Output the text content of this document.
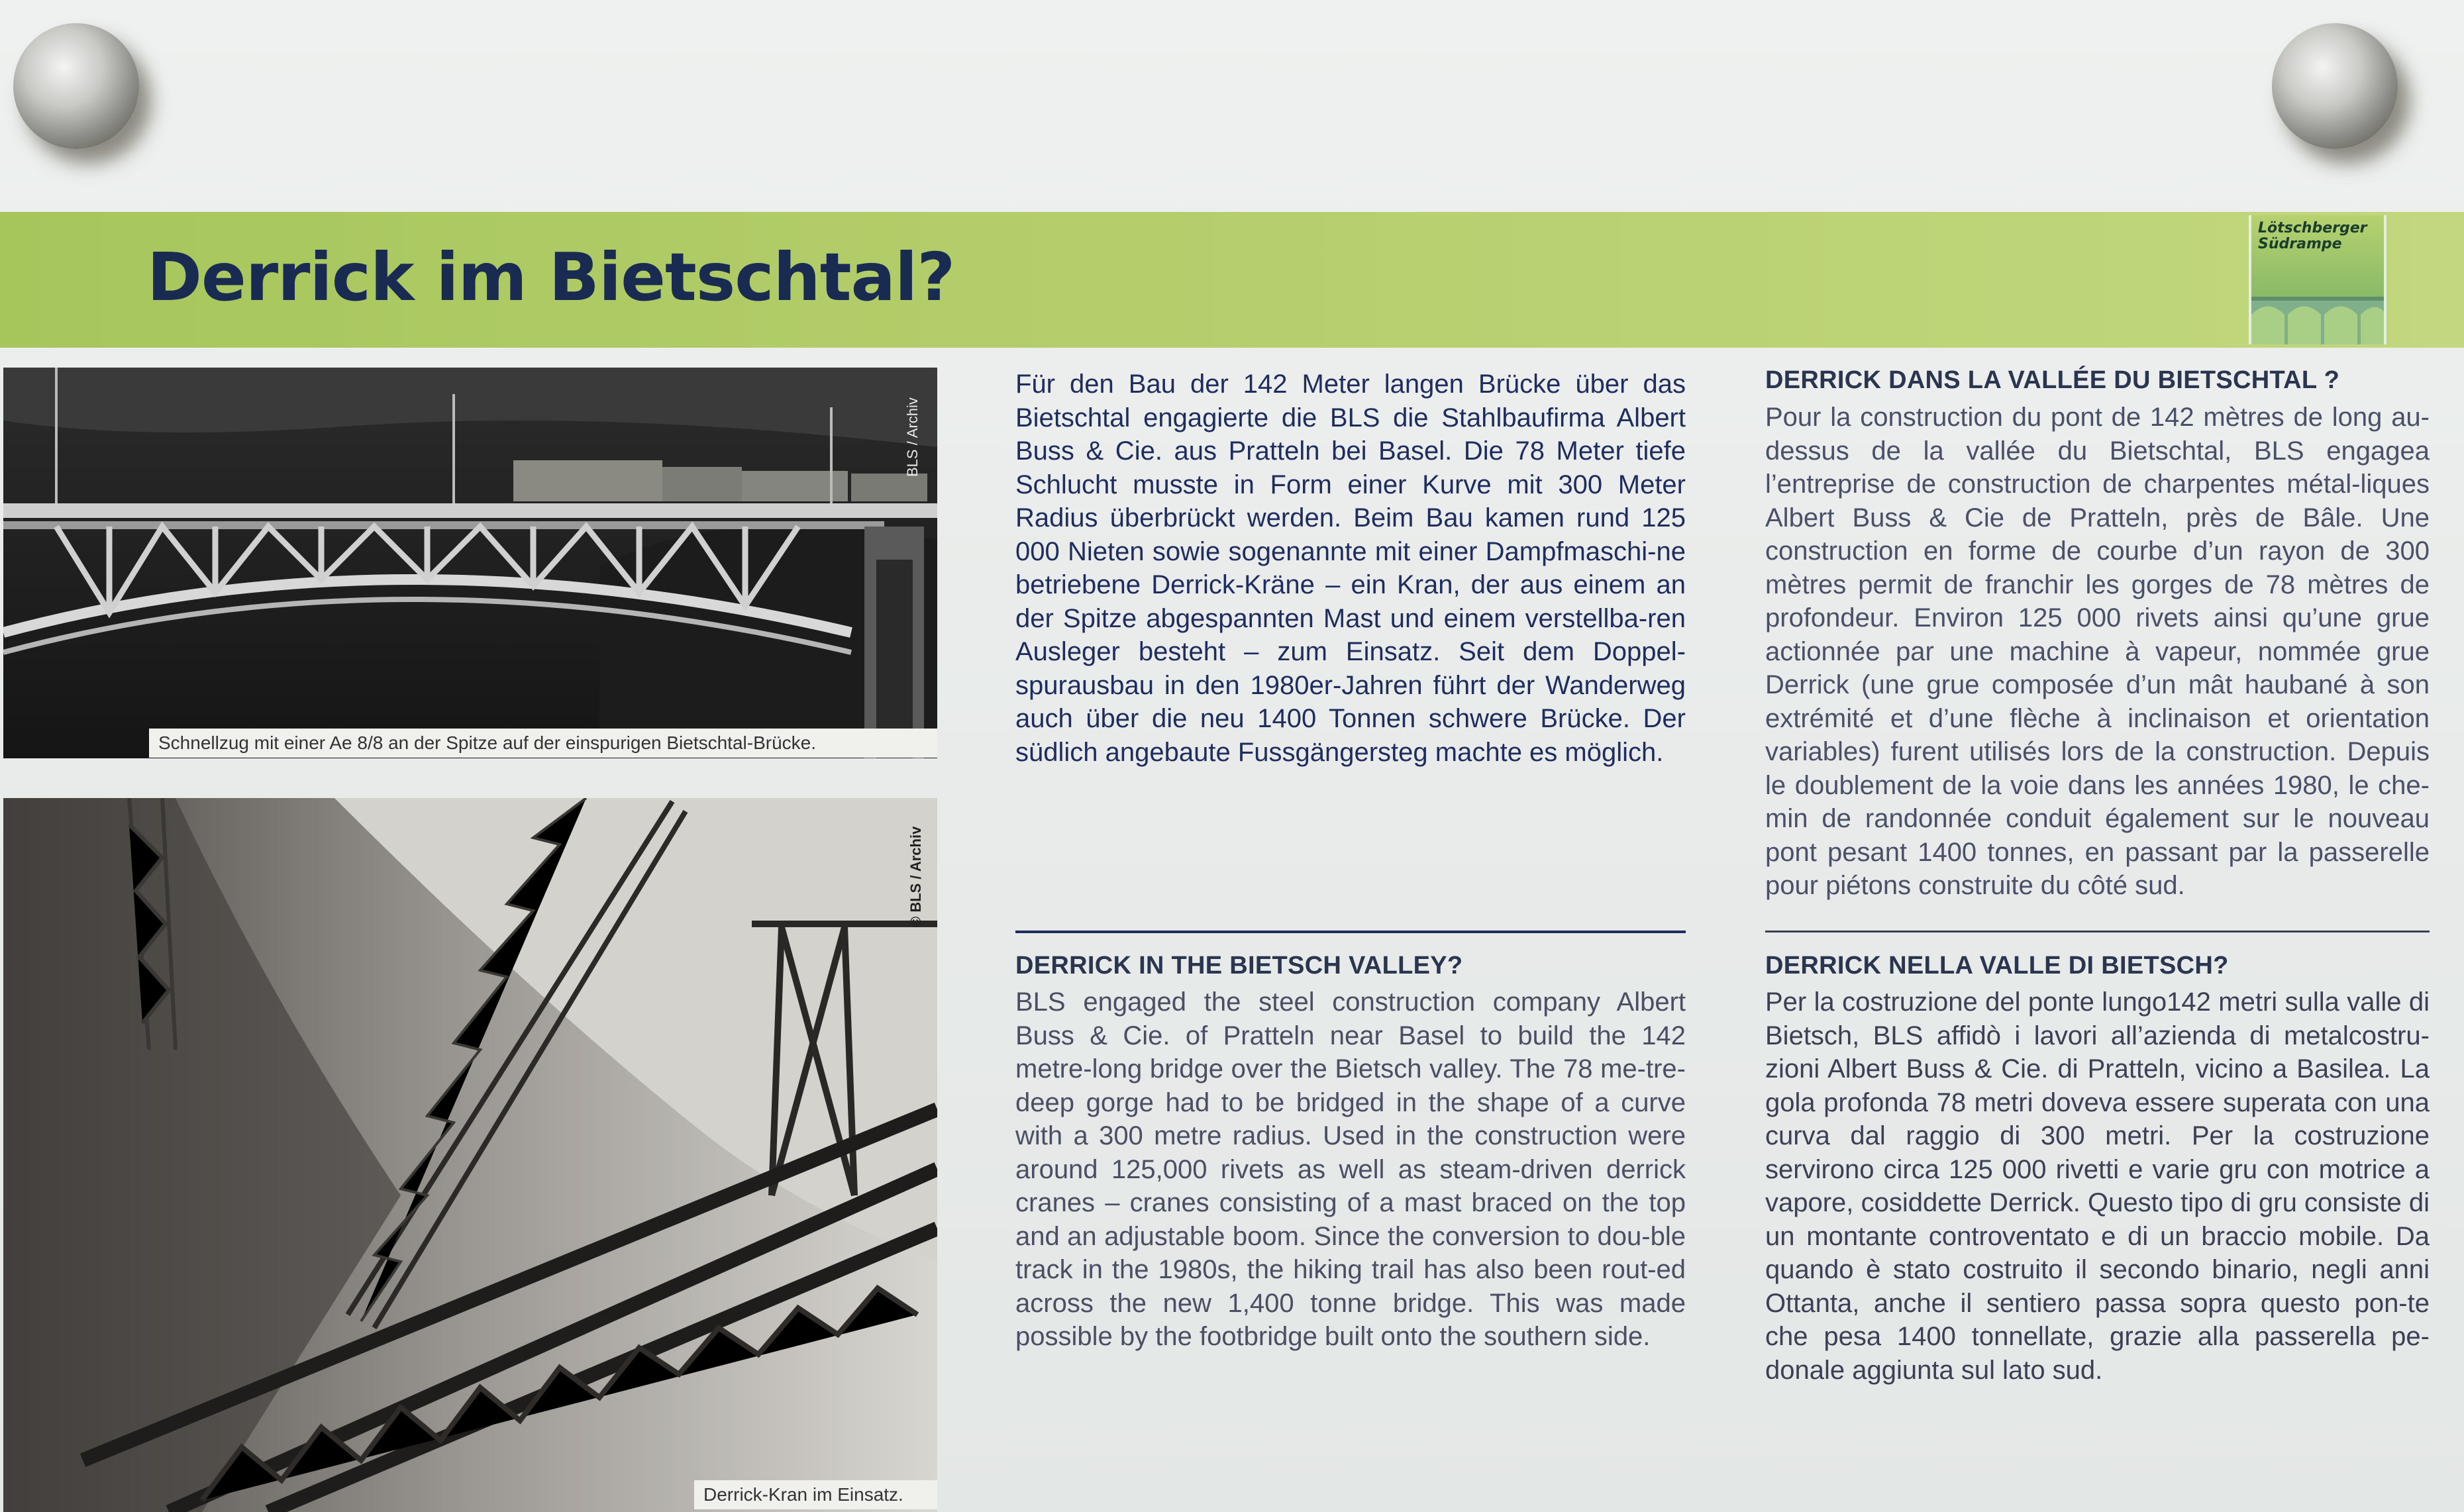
Derrick im Bietschtal?
Lötschberger
Südrampe
BLS / Archiv
Schnellzug mit einer Ae 8/8 an der Spitze auf der einspurigen Bietschtal-Brücke.
© BLS / Archiv
Derrick-Kran im Einsatz.

Für den Bau der 142 Meter langen Brücke über das Bietschtal engagierte die BLS die Stahlbaufirma Albert Buss & Cie. aus Pratteln bei Basel. Die 78 Meter tiefe Schlucht musste in Form einer Kurve mit 300 Meter Radius überbrückt werden. Beim Bau kamen rund 125 000 Nieten sowie sogenannte mit einer Dampfmaschi-ne betriebene Derrick-Kräne – ein Kran, der aus einem an der Spitze abgespannten Mast und einem verstellba-ren Ausleger besteht – zum Einsatz. Seit dem Doppel-spurausbau in den 1980er-Jahren führt der Wanderweg auch über die neu 1400 Tonnen schwere Brücke. Der südlich angebaute Fussgängersteg machte es möglich.

DERRICK DANS LA VALLÉE DU BIETSCHTAL ?

Pour la construction du pont de 142 mètres de long au-dessus de la vallée du Bietschtal, BLS engagea l’entreprise de construction de charpentes métal-liques Albert Buss & Cie de Pratteln, près de Bâle. Une construction en forme de courbe d’un rayon de 300 mètres permit de franchir les gorges de 78 mètres de profondeur. Environ 125 000 rivets ainsi qu’une grue actionnée par une machine à vapeur, nommée grue Derrick (une grue composée d’un mât haubané à son extrémité et d’une flèche à inclinaison et orientation variables) furent utilisés lors de la construction. Depuis le doublement de la voie dans les années 1980, le che-min de randonnée conduit également sur le nouveau pont pesant 1400 tonnes, en passant par la passerelle pour piétons construite du côté sud.

DERRICK IN THE BIETSCH VALLEY?

BLS engaged the steel construction company Albert Buss & Cie. of Pratteln near Basel to build the 142 metre-long bridge over the Bietsch valley. The 78 me-tre-deep gorge had to be bridged in the shape of a curve with a 300 metre radius. Used in the construction were around 125,000 rivets as well as steam-driven derrick cranes – cranes consisting of a mast braced on the top and an adjustable boom. Since the conversion to dou-ble track in the 1980s, the hiking trail has also been rout-ed across the new 1,400 tonne bridge. This was made possible by the footbridge built onto the southern side.

DERRICK NELLA VALLE DI BIETSCH?

Per la costruzione del ponte lungo142 metri sulla valle di Bietsch, BLS affidò i lavori all’azienda di metalcostru-zioni Albert Buss & Cie. di Pratteln, vicino a Basilea. La gola profonda 78 metri doveva essere superata con una curva dal raggio di 300 metri. Per la costruzione servirono circa 125 000 rivetti e varie gru con motrice a vapore, cosiddette Derrick. Questo tipo di gru consiste di un montante controventato e di un braccio mobile. Da quando è stato costruito il secondo binario, negli anni Ottanta, anche il sentiero passa sopra questo pon-te che pesa 1400 tonnellate, grazie alla passerella pe-donale aggiunta sul lato sud.
